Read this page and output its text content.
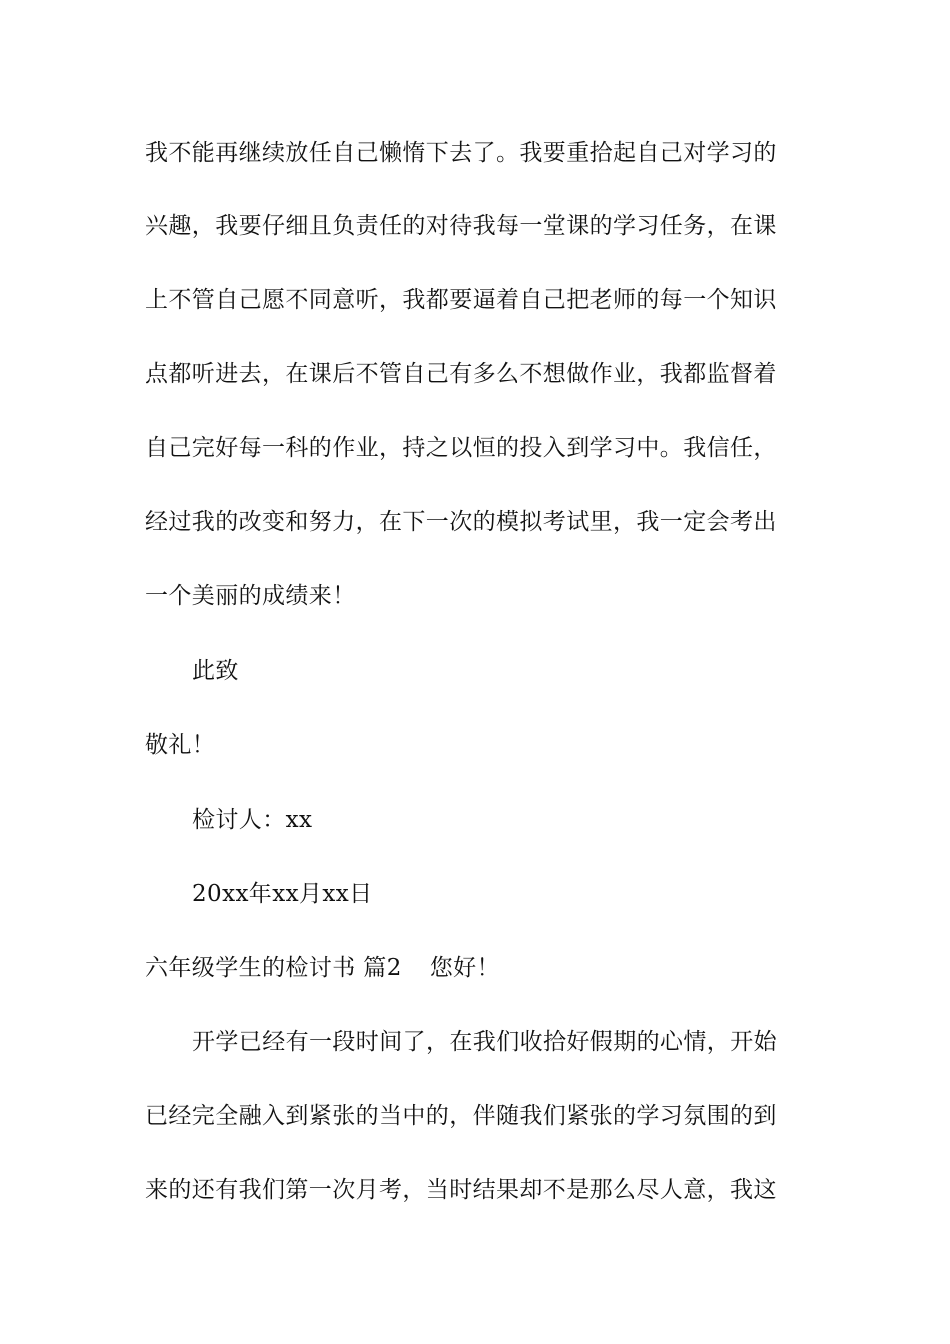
我不能再继续放任自己懒惰下去了。我要重拾起自己对学习的
兴趣，我要仔细且负责任的对待我每一堂课的学习任务，在课
上不管自己愿不同意听，我都要逼着自己把老师的每一个知识
点都听进去，在课后不管自己有多么不想做作业，我都监督着
自己完好每一科的作业，持之以恒的投入到学习中。我信任，
经过我的改变和努力，在下一次的模拟考试里，我一定会考出
一个美丽的成绩来！
此致
敬礼！
检讨人：xx
20xx年xx月xx日
六年级学生的检讨书 篇2 您好！
开学已经有一段时间了，在我们收拾好假期的心情，开始
已经完全融入到紧张的当中的，伴随我们紧张的学习氛围的到
来的还有我们第一次月考，当时结果却不是那么尽人意，我这
